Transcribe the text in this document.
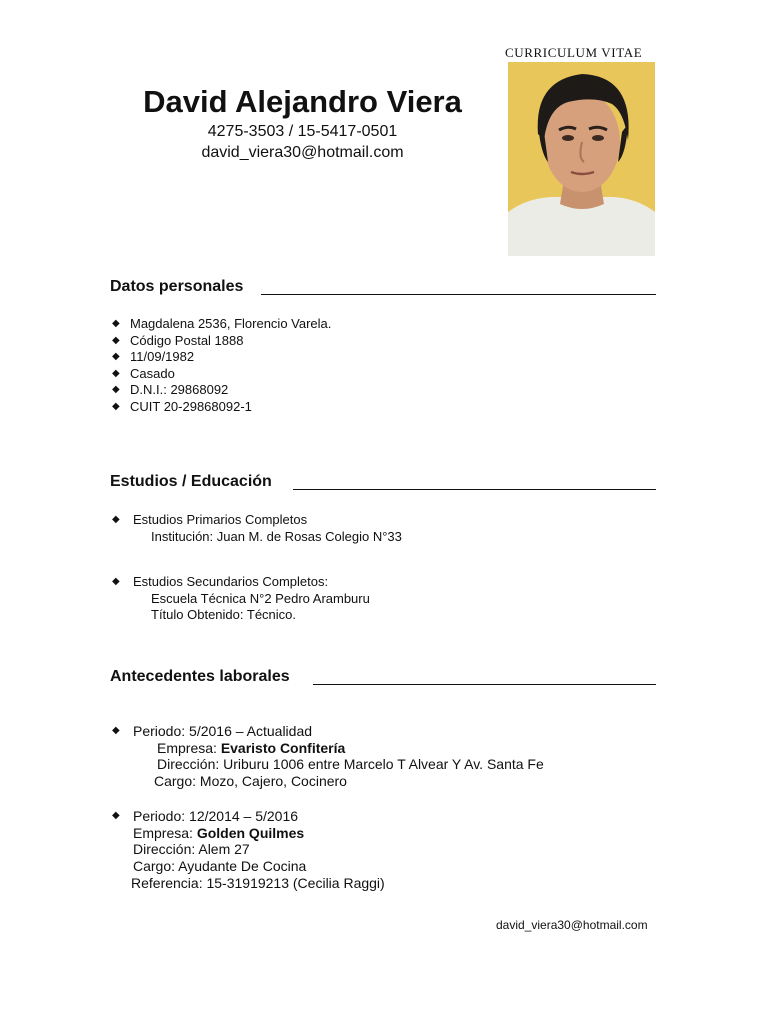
CURRICULUM VITAE
David Alejandro Viera
4275-3503 / 15-5417-0501
david_viera30@hotmail.com
Datos personales
◆ Magdalena 2536, Florencio Varela.
◆ Código Postal 1888
◆ 11/09/1982
◆ Casado
◆ D.N.I.: 29868092
◆ CUIT 20-29868092-1
Estudios / Educación
◆ Estudios Primarios Completos
Institución: Juan M. de Rosas Colegio N°33
◆ Estudios Secundarios Completos:
Escuela Técnica N°2 Pedro Aramburu
Título Obtenido: Técnico.
Antecedentes laborales
◆ Periodo: 5/2016 – Actualidad
Empresa: Evaristo Confitería
Dirección: Uriburu 1006 entre Marcelo T Alvear Y Av. Santa Fe
Cargo: Mozo, Cajero, Cocinero
◆ Periodo: 12/2014 – 5/2016
Empresa: Golden Quilmes
Dirección: Alem 27
Cargo: Ayudante De Cocina
Referencia: 15-31919213 (Cecilia Raggi)
david_viera30@hotmail.com
